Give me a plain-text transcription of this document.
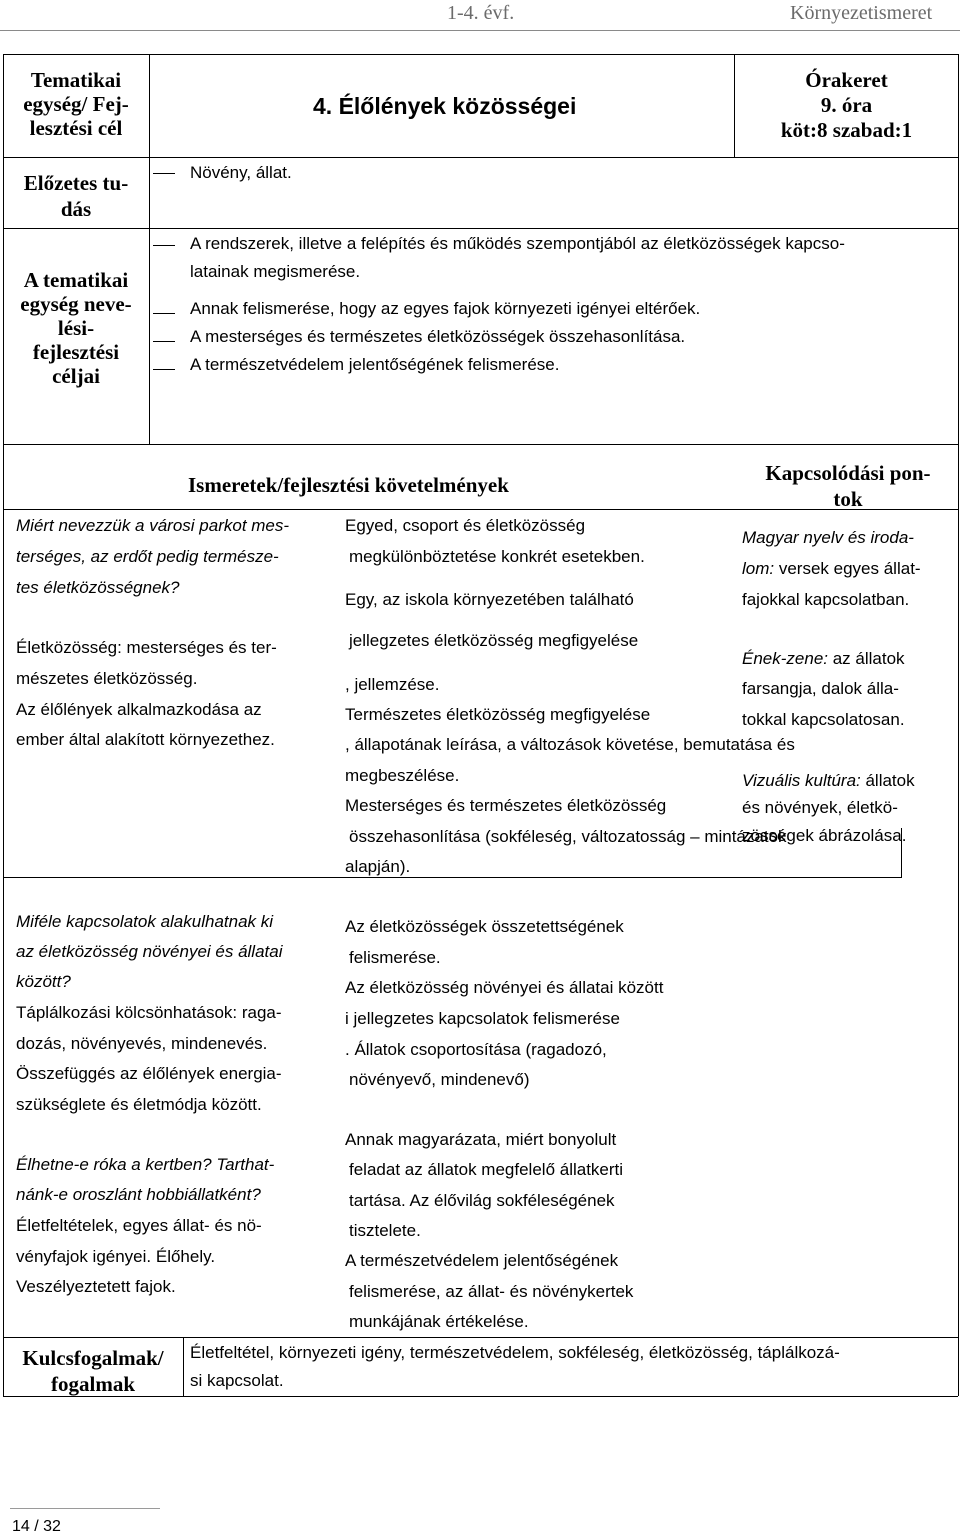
1-4. évf.	Környezetismeret
Tematikai
egység/ Fej-
lesztési cél
4. Élőlények közösségei
Órakeret
9. óra
köt:8 szabad:1
Előzetes tu-
dás
Növény, állat.
A tematikai
egység neve-
lési-
fejlesztési
céljai
A rendszerek, illetve a felépítés és működés szempontjából az életközösségek kapcso-
latainak megismerése.
Annak felismerése, hogy az egyes fajok környezeti igényei eltérőek.
A mesterséges és természetes életközösségek összehasonlítása.
A természetvédelem jelentőségének felismerése.
Ismeretek/fejlesztési követelmények	Kapcsolódási pon-
tok
Miért nevezzük a városi parkot mes-
terséges, az erdőt pedig természe-
tes életközösségnek?
Életközösség: mesterséges és ter-
mészetes életközösség.
Az élőlények alkalmazkodása az
ember által alakított környezethez.
Miféle kapcsolatok alakulhatnak ki
az életközösség növényei és állatai
között?
Táplálkozási kölcsönhatások: raga-
dozás, növényevés, mindenevés.
Összefüggés az élőlények energia-
szükséglete és életmódja között.
Élhetne-e róka a kertben? Tarthat-
nánk-e oroszlánt hobbiállatként?
Életfeltételek, egyes állat- és nö-
vényfajok igényei. Élőhely.
Veszélyeztetett fajok.
Egyed, csoport és életközösség
megkülönböztetése konkrét esetekben.
Egy, az iskola környezetében található
jellegzetes életközösség megfigyelése
, jellemzése.
Természetes életközösség megfigyelése
, állapotának leírása, a változások követése, bemutatása és
megbeszélése.
Mesterséges és természetes életközösség
összehasonlítása (sokféleség, változatosság – mintázatok
alapján).
Az életközösségek összetettségének
felismerése.
Az életközösség növényei és állatai között
i jellegzetes kapcsolatok felismerése
. Állatok csoportosítása (ragadozó,
növényevő, mindenevő)
Annak magyarázata, miért bonyolult
feladat az állatok megfelelő állatkerti
tartása. Az élővilág sokféleségének
tisztelete.
A természetvédelem jelentőségének
felismerése, az állat- és növénykertek
munkájának értékelése.
Magyar nyelv és iroda-
lom: versek egyes állat-
fajokkal kapcsolatban.
Ének-zene: az állatok
farsangja, dalok álla-
tokkal kapcsolatosan.
Vizuális kultúra: állatok
és növények, életkö-
zösségek ábrázolása.
Kulcsfogalmak/
fogalmak
Életfeltétel, környezeti igény, természetvédelem, sokféleség, életközösség, táplálkozá-
si kapcsolat.
14 / 32
